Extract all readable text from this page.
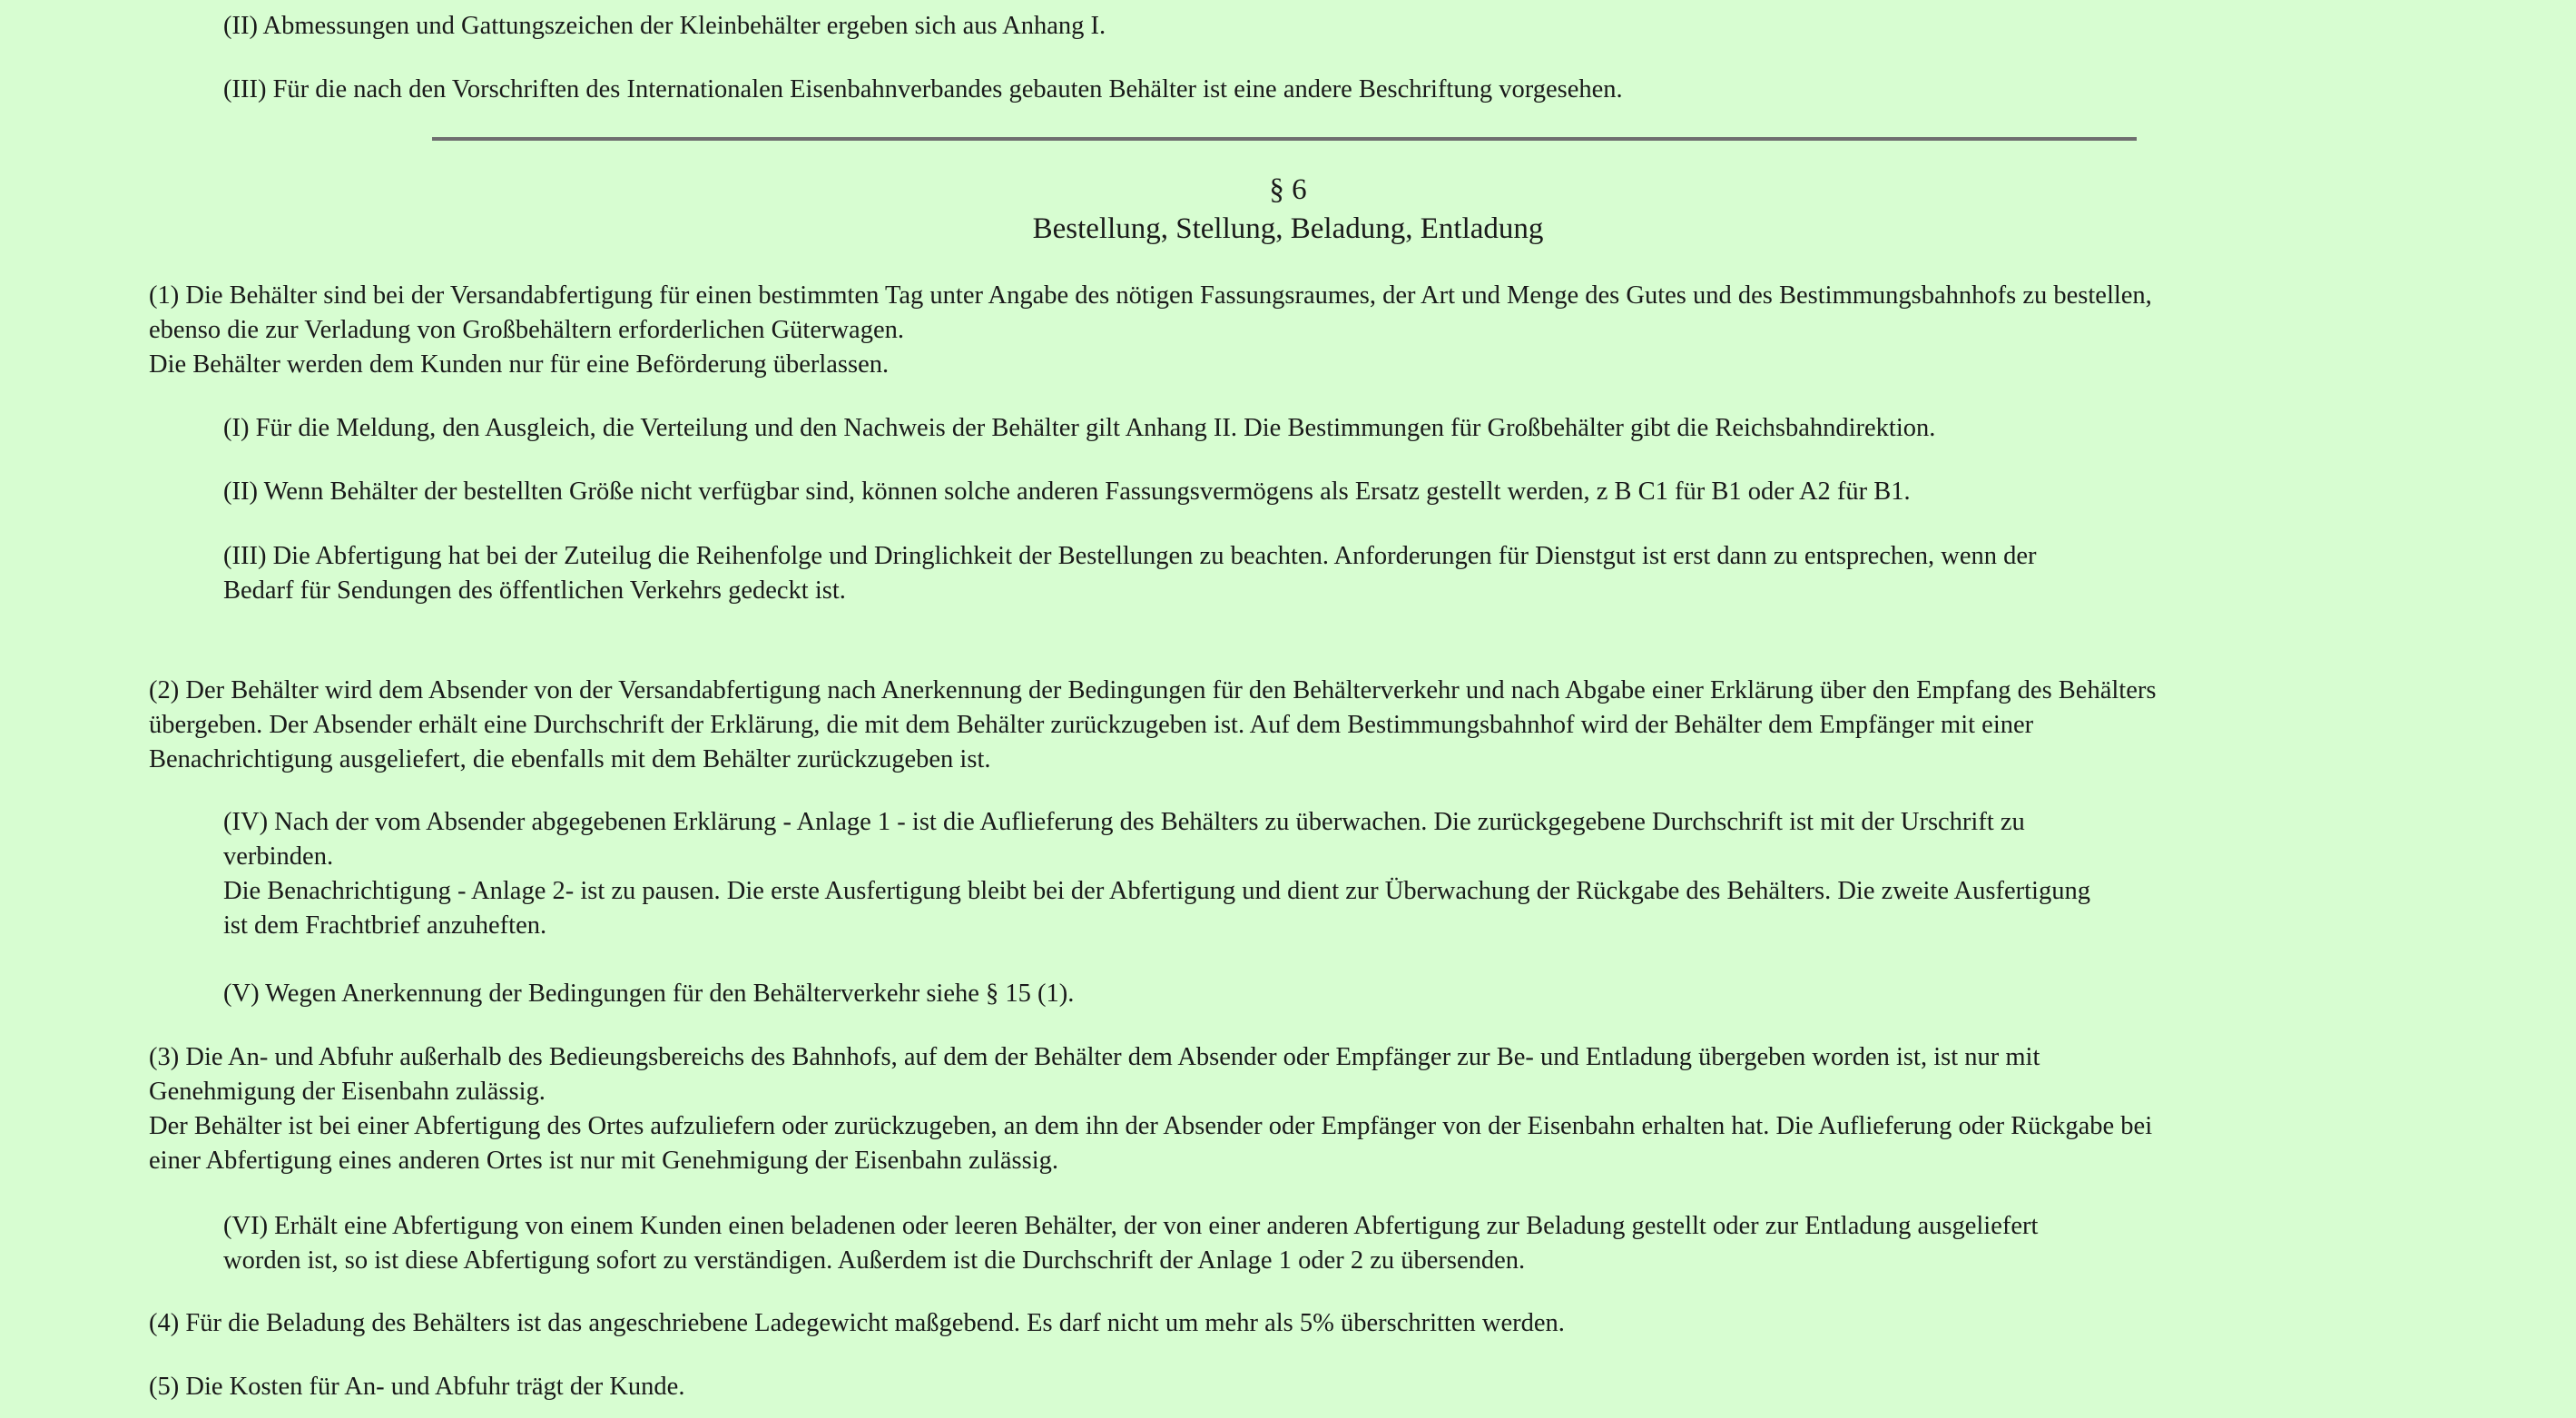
(II) Abmessungen und Gattungszeichen der Kleinbehälter ergeben sich aus Anhang I.

(III) Für die nach den Vorschriften des Internationalen Eisenbahnverbandes gebauten Behälter ist eine andere Beschriftung vorgesehen.

§ 6
Bestellung, Stellung, Beladung, Entladung

(1) Die Behälter sind bei der Versandabfertigung für einen bestimmten Tag unter Angabe des nötigen Fassungsraumes, der Art und Menge des Gutes und des Bestimmungsbahnhofs zu bestellen,
ebenso die zur Verladung von Großbehältern erforderlichen Güterwagen.
Die Behälter werden dem Kunden nur für eine Beförderung überlassen.

(I) Für die Meldung, den Ausgleich, die Verteilung und den Nachweis der Behälter gilt Anhang II. Die Bestimmungen für Großbehälter gibt die Reichsbahndirektion.

(II) Wenn Behälter der bestellten Größe nicht verfügbar sind, können solche anderen Fassungsvermögens als Ersatz gestellt werden, z B C1 für B1 oder A2 für B1.

(III) Die Abfertigung hat bei der Zuteilug die Reihenfolge und Dringlichkeit der Bestellungen zu beachten. Anforderungen für Dienstgut ist erst dann zu entsprechen, wenn der
Bedarf für Sendungen des öffentlichen Verkehrs gedeckt ist.

(2) Der Behälter wird dem Absender von der Versandabfertigung nach Anerkennung der Bedingungen für den Behälterverkehr und nach Abgabe einer Erklärung über den Empfang des Behälters
übergeben. Der Absender erhält eine Durchschrift der Erklärung, die mit dem Behälter zurückzugeben ist. Auf dem Bestimmungsbahnhof wird der Behälter dem Empfänger mit einer
Benachrichtigung ausgeliefert, die ebenfalls mit dem Behälter zurückzugeben ist.

(IV) Nach der vom Absender abgegebenen Erklärung - Anlage 1 - ist die Auflieferung des Behälters zu überwachen. Die zurückgegebene Durchschrift ist mit der Urschrift zu
verbinden.
Die Benachrichtigung - Anlage 2- ist zu pausen. Die erste Ausfertigung bleibt bei der Abfertigung und dient zur Überwachung der Rückgabe des Behälters. Die zweite Ausfertigung
ist dem Frachtbrief anzuheften.

(V) Wegen Anerkennung der Bedingungen für den Behälterverkehr siehe § 15 (1).

(3) Die An- und Abfuhr außerhalb des Bedieungsbereichs des Bahnhofs, auf dem der Behälter dem Absender oder Empfänger zur Be- und Entladung übergeben worden ist, ist nur mit
Genehmigung der Eisenbahn zulässig.
Der Behälter ist bei einer Abfertigung des Ortes aufzuliefern oder zurückzugeben, an dem ihn der Absender oder Empfänger von der Eisenbahn erhalten hat. Die Auflieferung oder Rückgabe bei
einer Abfertigung eines anderen Ortes ist nur mit Genehmigung der Eisenbahn zulässig.

(VI) Erhält eine Abfertigung von einem Kunden einen beladenen oder leeren Behälter, der von einer anderen Abfertigung zur Beladung gestellt oder zur Entladung ausgeliefert
worden ist, so ist diese Abfertigung sofort zu verständigen. Außerdem ist die Durchschrift der Anlage 1 oder 2 zu übersenden.

(4) Für die Beladung des Behälters ist das angeschriebene Ladegewicht maßgebend. Es darf nicht um mehr als 5% überschritten werden.

(5) Die Kosten für An- und Abfuhr trägt der Kunde.
